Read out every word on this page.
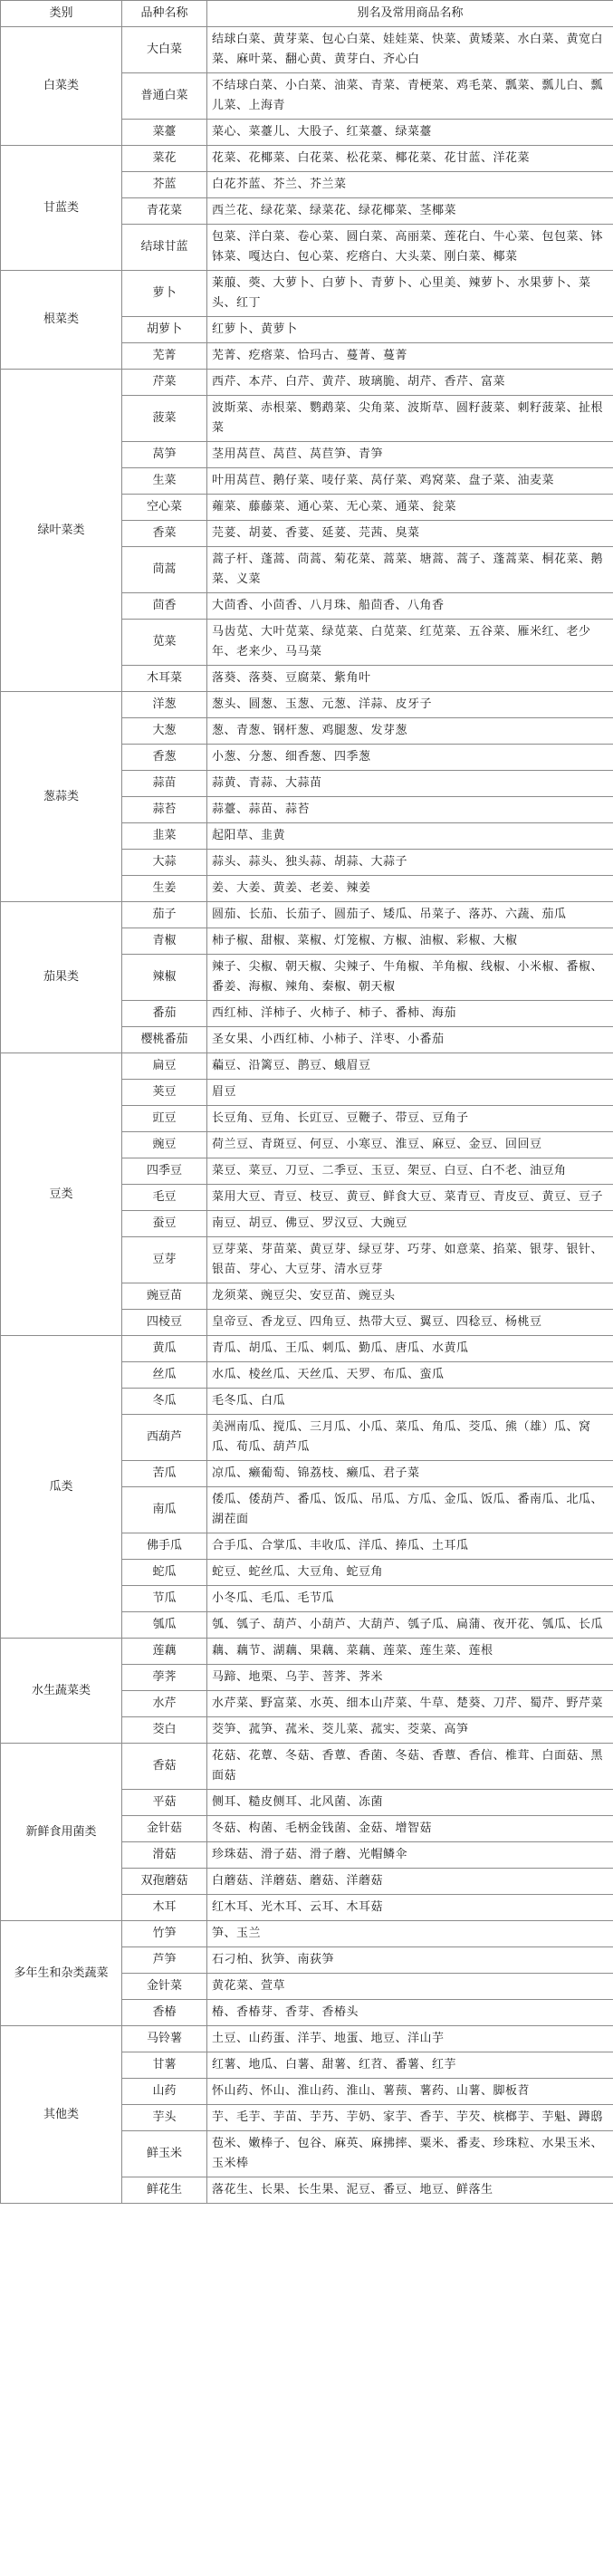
类别	品种名称	别名及常用商品名称
白菜类	大白菜	结球白菜、黄芽菜、包心白菜、娃娃菜、快菜、黄矮菜、水白菜、黄宽白菜、麻叶菜、翻心黄、黄芽白、齐心白
	普通白菜	不结球白菜、小白菜、油菜、青菜、青梗菜、鸡毛菜、瓢菜、瓢儿白、瓢儿菜、上海青
	菜薹	菜心、菜薹儿、大股子、红菜薹、绿菜薹
甘蓝类	菜花	花菜、花椰菜、白花菜、松花菜、椰花菜、花甘蓝、洋花菜
	芥蓝	白花芥蓝、芥兰、芥兰菜
	青花菜	西兰花、绿花菜、绿菜花、绿花椰菜、茎椰菜
	结球甘蓝	包菜、洋白菜、卷心菜、圆白菜、高丽菜、莲花白、牛心菜、包包菜、钵钵菜、嘎达白、包心菜、疙瘩白、大头菜、刚白菜、椰菜
根菜类	萝卜	莱菔、葖、大萝卜、白萝卜、青萝卜、心里美、辣萝卜、水果萝卜、菜头、红丁
	胡萝卜	红萝卜、黄萝卜
	芜菁	芜菁、疙瘩菜、恰玛古、蔓菁、蔓菁
绿叶菜类	芹菜	西芹、本芹、白芹、黄芹、玻璃脆、胡芹、香芹、富菜
	菠菜	波斯菜、赤根菜、鹦鹉菜、尖角菜、波斯草、圆籽菠菜、刺籽菠菜、扯根菜
	莴笋	茎用莴苣、莴苣、莴苣笋、青笋
	生菜	叶用莴苣、鹅仔菜、唛仔菜、莴仔菜、鸡窝菜、盘子菜、油麦菜
	空心菜	蕹菜、藤藤菜、通心菜、无心菜、通菜、瓮菜
	香菜	芫荽、胡荽、香荽、延荽、芫茜、臭菜
	茼蒿	蒿子杆、蓬蒿、茼蒿、菊花菜、蒿菜、塘蒿、蒿子、蓬蒿菜、桐花菜、鹅菜、义菜
	茴香	大茴香、小茴香、八月珠、船茴香、八角香
	苋菜	马齿苋、大叶苋菜、绿苋菜、白苋菜、红苋菜、五谷菜、雁米红、老少年、老来少、马马菜
	木耳菜	落葵、落葵、豆腐菜、紫角叶
葱蒜类	洋葱	葱头、圆葱、玉葱、元葱、洋蒜、皮牙子
	大葱	葱、青葱、钢杆葱、鸡腿葱、发芽葱
	香葱	小葱、分葱、细香葱、四季葱
	蒜苗	蒜黄、青蒜、大蒜苗
	蒜苔	蒜薹、蒜苗、蒜苔
	韭菜	起阳草、韭黄
	大蒜	蒜头、蒜头、独头蒜、胡蒜、大蒜子
	生姜	姜、大姜、黄姜、老姜、辣姜
茄果类	茄子	圆茄、长茄、长茄子、圆茄子、矮瓜、吊菜子、落苏、六蔬、茄瓜
	青椒	柿子椒、甜椒、菜椒、灯笼椒、方椒、油椒、彩椒、大椒
	辣椒	辣子、尖椒、朝天椒、尖辣子、牛角椒、羊角椒、线椒、小米椒、番椒、番姜、海椒、辣角、秦椒、朝天椒
	番茄	西红柿、洋柿子、火柿子、柿子、番柿、海茄
	樱桃番茄	圣女果、小西红柿、小柿子、洋枣、小番茄
豆类	扁豆	藊豆、沿篱豆、鹊豆、蛾眉豆
	荚豆	眉豆
	豇豆	长豆角、豆角、长豇豆、豆鞭子、带豆、豆角子
	豌豆	荷兰豆、青斑豆、何豆、小寒豆、淮豆、麻豆、金豆、回回豆
	四季豆	菜豆、菜豆、刀豆、二季豆、玉豆、架豆、白豆、白不老、油豆角
	毛豆	菜用大豆、青豆、枝豆、黄豆、鲜食大豆、菜青豆、青皮豆、黄豆、豆子
	蚕豆	南豆、胡豆、佛豆、罗汉豆、大豌豆
	豆芽	豆芽菜、芽苗菜、黄豆芽、绿豆芽、巧芽、如意菜、掐菜、银芽、银针、银苗、芽心、大豆芽、清水豆芽
	豌豆苗	龙须菜、豌豆尖、安豆苗、豌豆头
	四棱豆	皇帝豆、香龙豆、四角豆、热带大豆、翼豆、四稔豆、杨桃豆
瓜类	黄瓜	青瓜、胡瓜、王瓜、刺瓜、勤瓜、唐瓜、水黄瓜
	丝瓜	水瓜、棱丝瓜、天丝瓜、天罗、布瓜、蛮瓜
	冬瓜	毛冬瓜、白瓜
	西葫芦	美洲南瓜、搅瓜、三月瓜、小瓜、菜瓜、角瓜、茭瓜、熊（雄）瓜、窝瓜、荀瓜、葫芦瓜
	苦瓜	凉瓜、癞葡萄、锦荔枝、癞瓜、君子菜
	南瓜	倭瓜、倭葫芦、番瓜、饭瓜、吊瓜、方瓜、金瓜、饭瓜、番南瓜、北瓜、湖茬面
	佛手瓜	合手瓜、合掌瓜、丰收瓜、洋瓜、捧瓜、土耳瓜
	蛇瓜	蛇豆、蛇丝瓜、大豆角、蛇豆角
	节瓜	小冬瓜、毛瓜、毛节瓜
	瓠瓜	瓠、瓠子、葫芦、小葫芦、大葫芦、瓠子瓜、扁蒲、夜开花、瓠瓜、长瓜
水生蔬菜类	莲藕	藕、藕节、湖藕、果藕、菜藕、莲菜、莲生菜、莲根
	荸荠	马蹄、地栗、乌芋、菩荠、荠米
	水芹	水芹菜、野富菜、水英、细本山芹菜、牛草、楚葵、刀芹、蜀芹、野芹菜
	茭白	茭笋、菰笋、菰米、茭儿菜、菰实、茭菜、高笋
新鲜食用菌类	香菇	花菇、花蕈、冬菇、香蕈、香菌、冬菇、香蕈、香信、椎茸、白面菇、黑面菇
	平菇	侧耳、糙皮侧耳、北风菌、冻菌
	金针菇	冬菇、构菌、毛柄金钱菌、金菇、增智菇
	滑菇	珍珠菇、滑子菇、滑子蘑、光帽鳞伞
	双孢蘑菇	白蘑菇、洋蘑菇、蘑菇、洋蘑菇
	木耳	红木耳、光木耳、云耳、木耳菇
多年生和杂类蔬菜	竹笋	笋、玉兰
	芦笋	石刁柏、狄笋、南荻笋
	金针菜	黄花菜、萱草
	香椿	椿、香椿芽、香芽、香椿头
其他类	马铃薯	土豆、山药蛋、洋芋、地蛋、地豆、洋山芋
	甘薯	红薯、地瓜、白薯、甜薯、红苕、番薯、红芋
	山药	怀山药、怀山、淮山药、淮山、薯蓣、薯药、山薯、脚板苕
	芋头	芋、毛芋、芋苗、芋艿、芋奶、家芋、香芋、芋芡、槟榔芋、芋魁、蹲鸱
	鲜玉米	苞米、嫩棒子、包谷、麻英、麻拂摔、粟米、番麦、珍珠粒、水果玉米、玉米棒
	鲜花生	落花生、长果、长生果、泥豆、番豆、地豆、鲜落生
